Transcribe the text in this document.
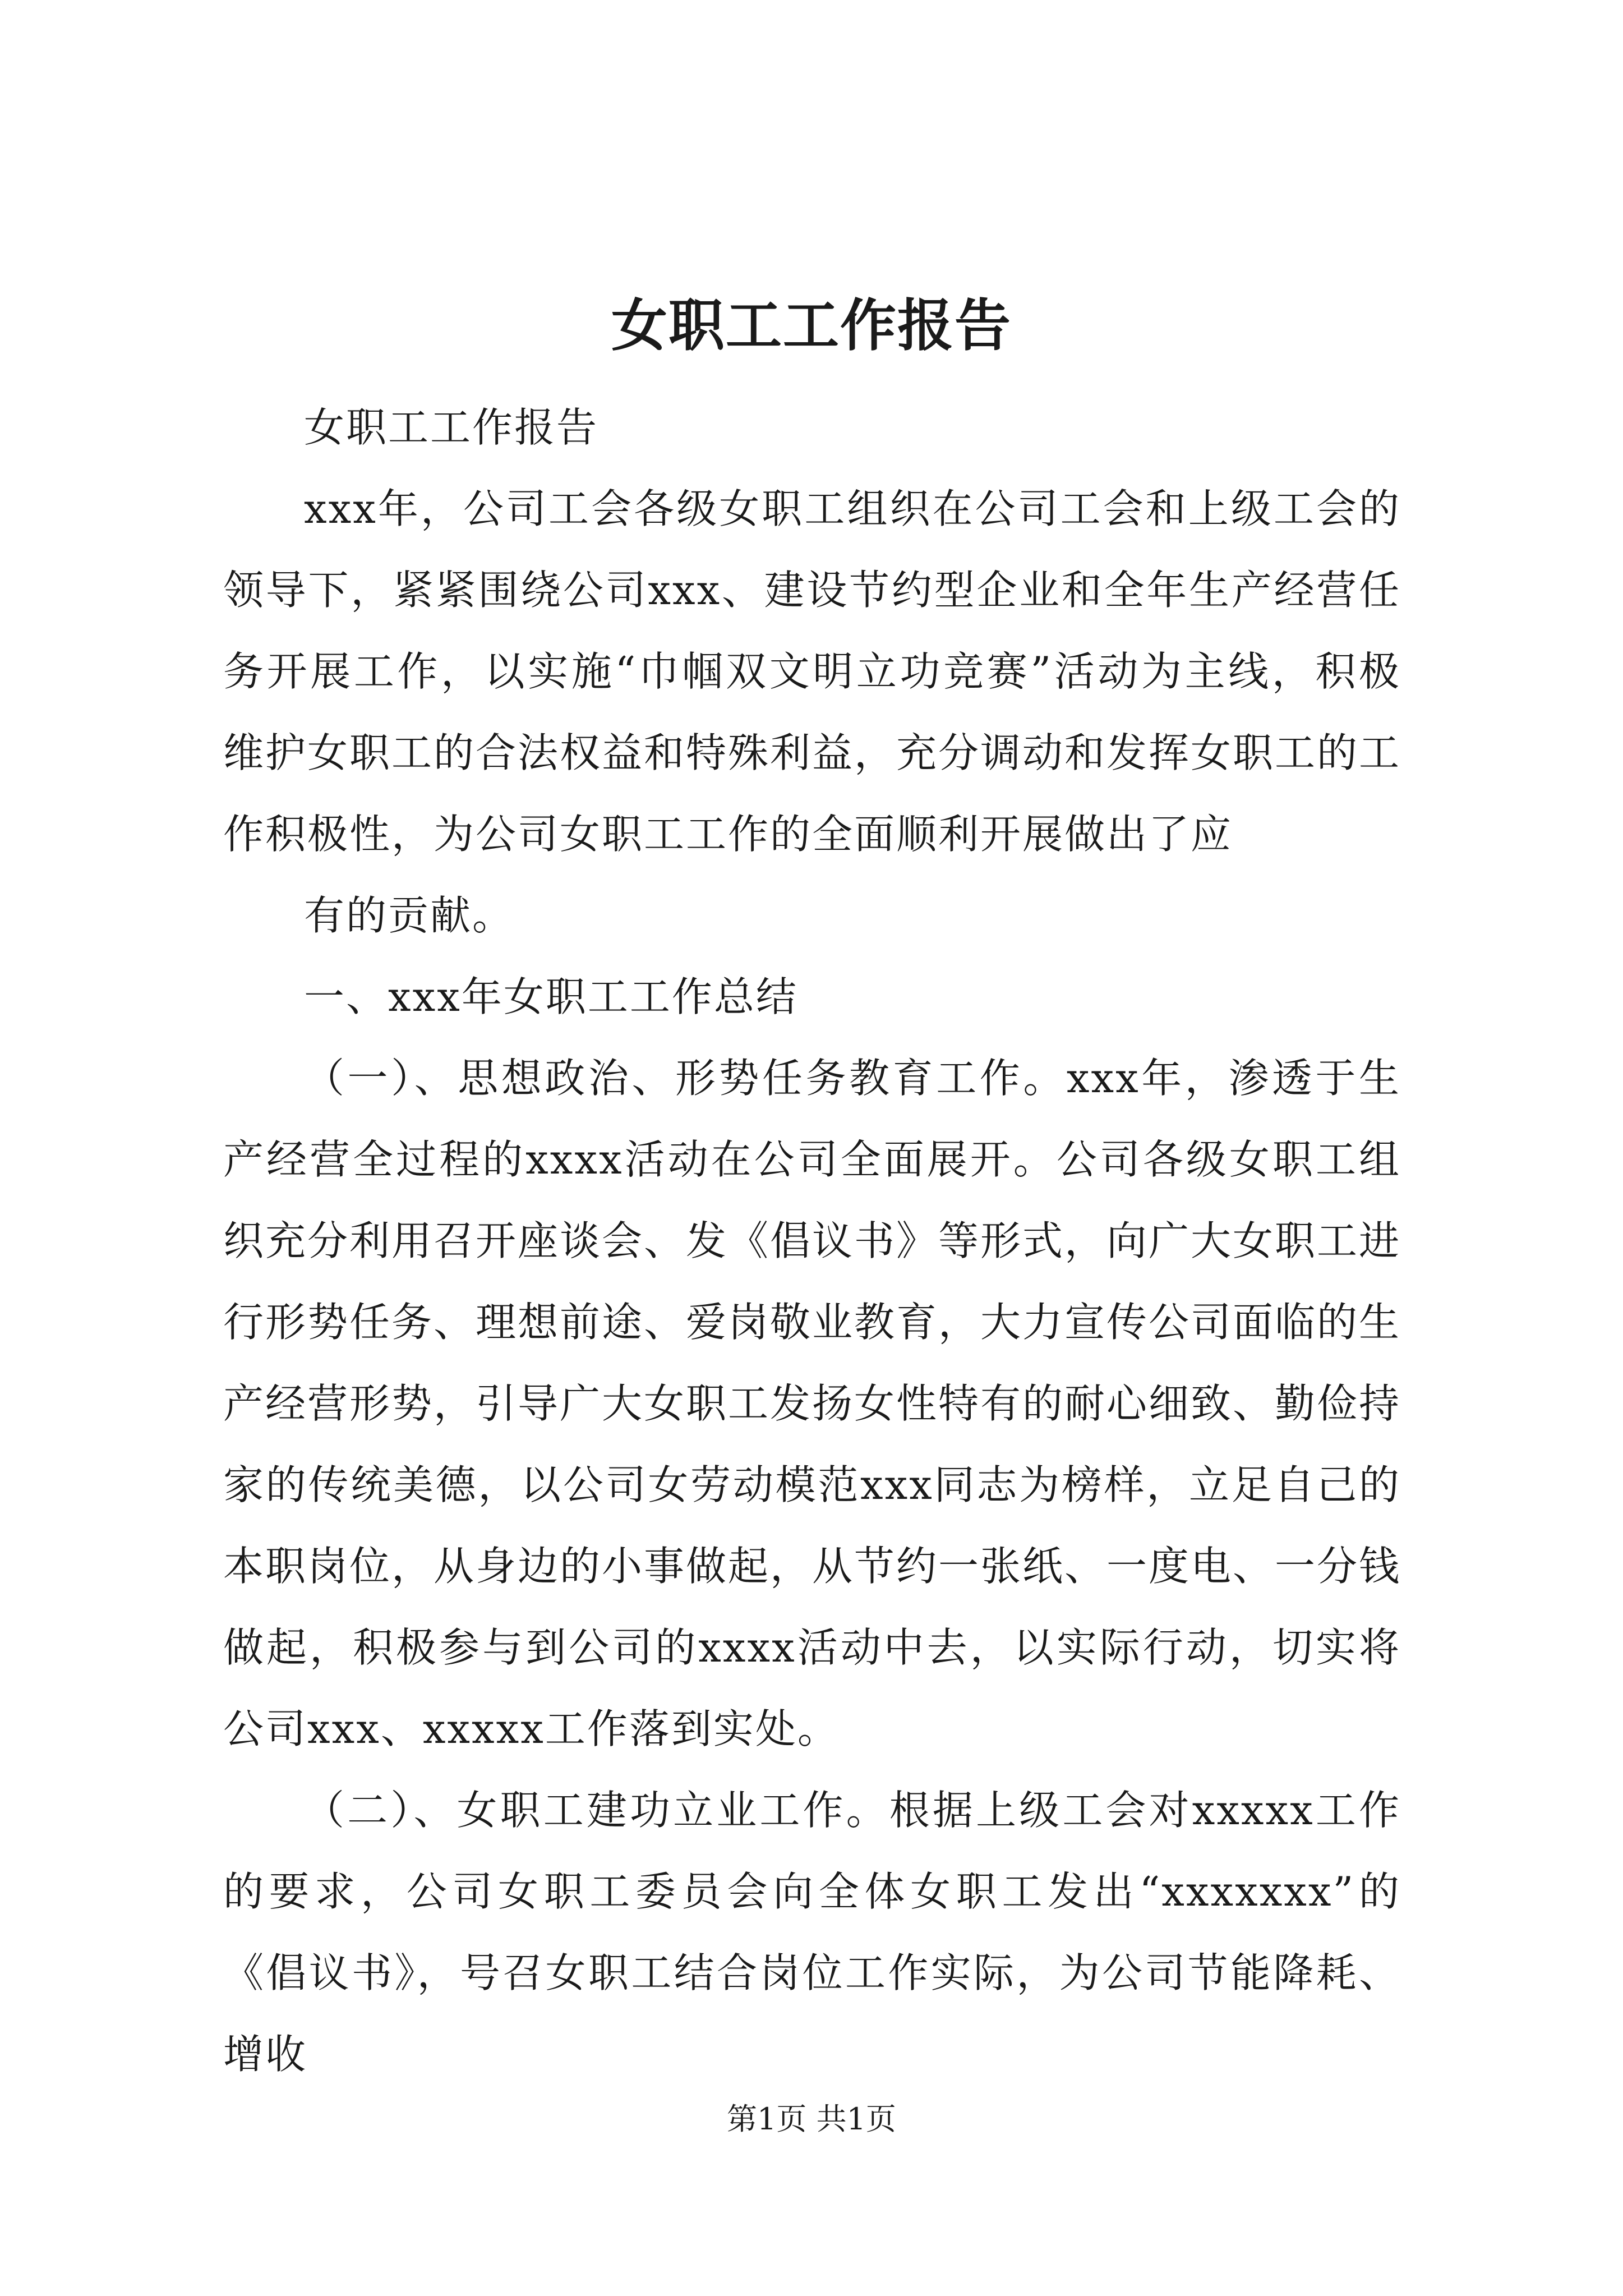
女职工工作报告

女职工工作报告

xxx年，公司工会各级女职工组织在公司工会和上级工会的领导下，紧紧围绕公司xxx、建设节约型企业和全年生产经营任务开展工作，以实施“巾帼双文明立功竞赛”活动为主线，积极维护女职工的合法权益和特殊利益，充分调动和发挥女职工的工作积极性，为公司女职工工作的全面顺利开展做出了应

有的贡献。

一、xxx年女职工工作总结

（一）、思想政治、形势任务教育工作。xxx年，渗透于生产经营全过程的xxxx活动在公司全面展开。公司各级女职工组织充分利用召开座谈会、发《倡议书》等形式，向广大女职工进行形势任务、理想前途、爱岗敬业教育，大力宣传公司面临的生产经营形势，引导广大女职工发扬女性特有的耐心细致、勤俭持家的传统美德，以公司女劳动模范xxx同志为榜样，立足自己的本职岗位，从身边的小事做起，从节约一张纸、一度电、一分钱做起，积极参与到公司的xxxx活动中去，以实际行动，切实将公司xxx、xxxxx工作落到实处。

（二）、女职工建功立业工作。根据上级工会对xxxxx工作的要求，公司女职工委员会向全体女职工发出“xxxxxxx”的《倡议书》，号召女职工结合岗位工作实际，为公司节能降耗、增收

第1页 共1页
